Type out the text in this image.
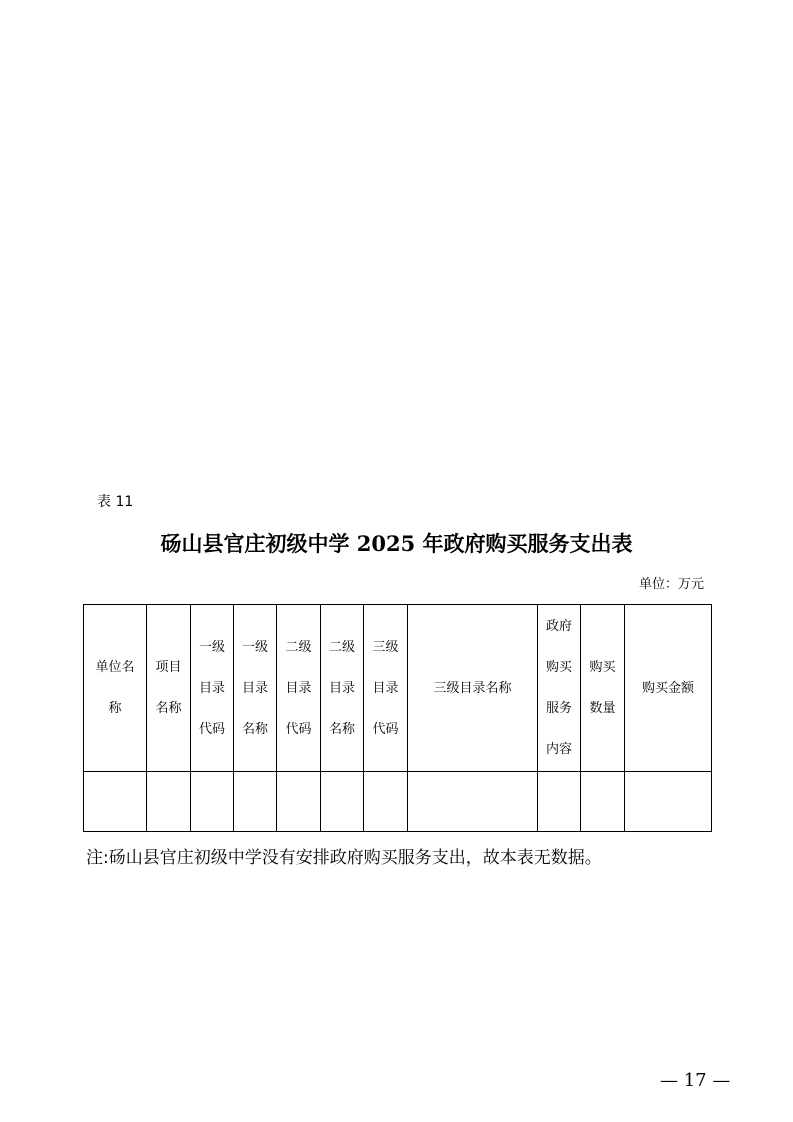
表 11
砀山县官庄初级中学 2025 年政府购买服务支出表
单位：万元
单位名
称	项目
名称	一级
目录
代码	一级
目录
名称	二级
目录
代码	二级
目录
名称	三级
目录
代码	三级目录名称	政府
购买
服务
内容	购买
数量	购买金额

注:砀山县官庄初级中学没有安排政府购买服务支出，故本表无数据。
— 17 —
